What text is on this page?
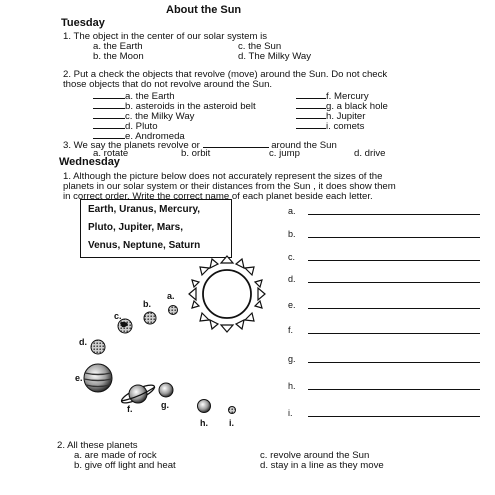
About the Sun
Tuesday
1. The object in the center of our solar system is
a. the Earth	c. the Sun
b. the Moon	d. The Milky Way
2. Put a check the objects that revolve (move) around the Sun. Do not check
those objects that do not revolve around the Sun.
a. the Earth
b. asteroids in the asteroid belt
c. the Milky Way
d. Pluto
e. Andromeda
f. Mercury
g. a black hole
h. Jupiter
i. comets
3. We say the planets revolve or	around the Sun
a. rotate	b. orbit	c. jump	d. drive
Wednesday
1. Although the picture below does not accurately represent the sizes of the
planets in our solar system or their distances from the Sun , it does show them
in correct order. Write the correct name of each planet beside each letter.
Earth, Uranus, Mercury,
Pluto, Jupiter, Mars,
Venus, Neptune, Saturn
a.
b.
c.
d.
e.
f.
g.
h.
i.
a.
b.
c.
d.
e.
f.	g.
h. i.
2. All these planets
a. are made of rock	c. revolve around the Sun
b. give off light and heat	d. stay in a line as they move
